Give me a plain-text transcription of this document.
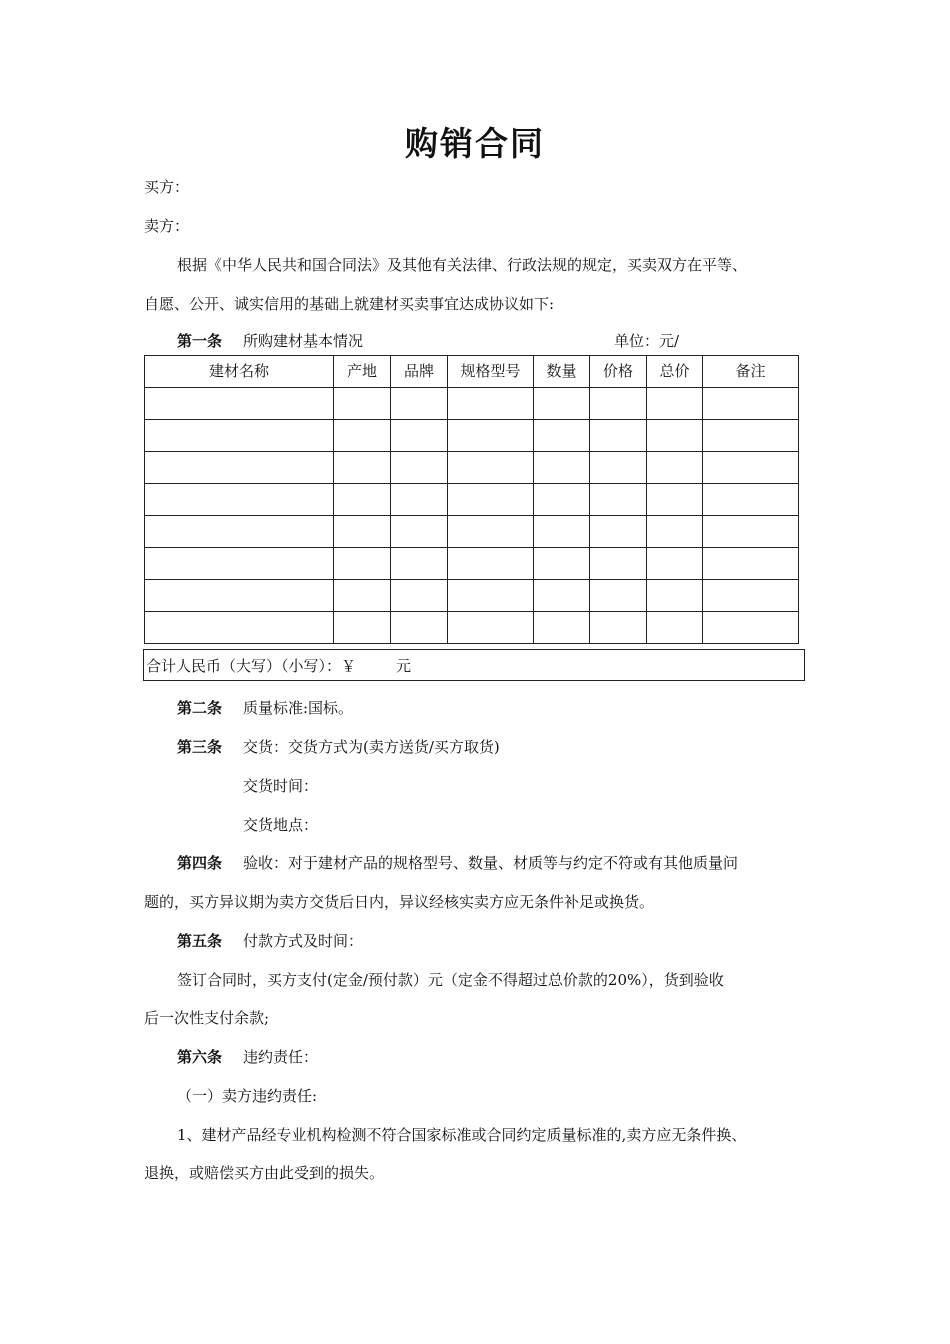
购销合同
买方：
卖方：
根据《中华人民共和国合同法》及其他有关法律、行政法规的规定，买卖双方在平等、
自愿、公开、诚实信用的基础上就建材买卖事宜达成协议如下:
第一条 所购建材基本情况	单位：元/
建材名称	产地	品牌	规格型号	数量	价格	总价	备注

合计人民币（大写）（小写）：￥	元
第二条 质量标准:国标。
第三条 交货：交货方式为(卖方送货/买方取货)
交货时间：
交货地点：
第四条 验收：对于建材产品的规格型号、数量、材质等与约定不符或有其他质量问
题的，买方异议期为卖方交货后日内，异议经核实卖方应无条件补足或换货。
第五条 付款方式及时间：
签订合同时，买方支付(定金/预付款）元（定金不得超过总价款的20%），货到验收
后一次性支付余款;
第六条 违约责任：
（一）卖方违约责任:
1、建材产品经专业机构检测不符合国家标准或合同约定质量标准的,卖方应无条件换、
退换，或赔偿买方由此受到的损失。
